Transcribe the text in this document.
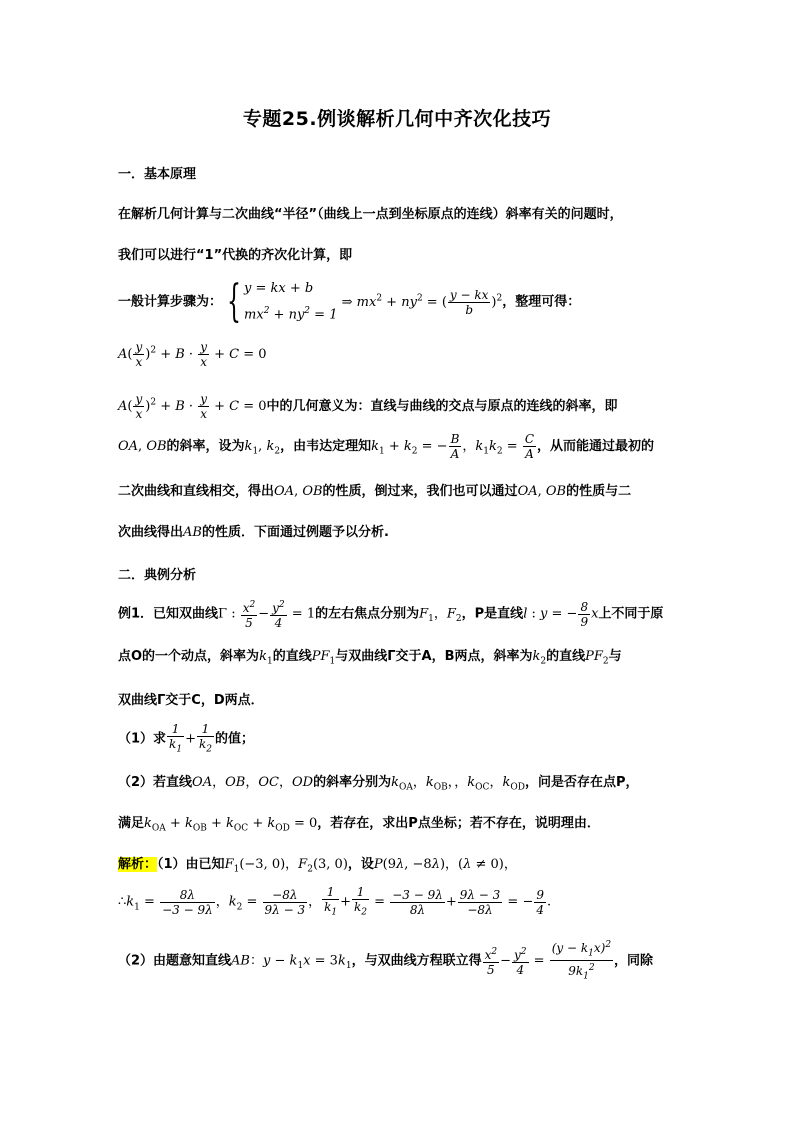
专题25.例谈解析几何中齐次化技巧
一．基本原理
在解析几何计算与二次曲线“半径”（曲线上一点到坐标原点的连线）斜率有关的问题时，
我们可以进行“1”代换的齐次化计算，即
一般计算步骤为： { y = kx + b
$mx^2 + ny^2 = 1$ ⇒ $mx^2 + ny^2$ = ( $\frac{y - kx}{b} )^2$，整理可得：
$A( \frac{y}{x} )^2 + B \cdot \frac{y}{x} + C = 0$
$A( \frac{y}{x} )^2 + B \cdot \frac{y}{x} + C = 0$中的几何意义为：直线与曲线的交点与原点的连线的斜率，即
OA, OB的斜率，设为$k_1$, $k_2$，由韦达定理知$k_1 + k_2$ = − $\frac{B}{A}$ ，$k_1k_2 = \frac{C}{A}$ ，从而能通过最初的
二次曲线和直线相交，得出OA, OB的性质，倒过来，我们也可以通过OA, OB的性质与二
次曲线得出AB的性质．下面通过例题予以分析.
二．典例分析
例1．已知双曲线Γ : $\frac{x^2}{5} - \frac{y^2}{4} = 1$的左右焦点分别为$F_1$，$F_2$，P是直线l : y = − $\frac{8}{9}$ x上不同于原
点O的一个动点，斜率为$k_1$的直线$PF_1$与双曲线Γ交于A，B两点，斜率为$k_2$的直线$PF_2$与
双曲线Γ交于C，D两点．
（1）求 $\frac{1}{k_1} + \frac{1}{k_2}$ 的值；
（2）若直线OA，OB，OC，OD的斜率分别为$k_{OA}$，$k_{OB}$，，$k_{OC}$，$k_{OD}$，问是否存在点P，
满足$k_{OA} + k_{OB} + k_{OC} + k_{OD} = 0$，若存在，求出P点坐标；若不存在，说明理由．
解析：（1）由已知$F_1(-3$, 0)，$F_2(3$, 0)，设P(9λ, −8λ)，(λ ≠ 0)，
$\therefore k_1 = \frac{8\lambda}{-3 - 9\lambda}$ ，$k_2 = \frac{-8\lambda}{9\lambda - 3}$ ， $\frac{1}{k_1} + \frac{1}{k_2} = \frac{-3 - 9\lambda}{8\lambda} + \frac{9\lambda - 3}{-8\lambda}$ = − $\frac{9}{4}$ .
（2）由题意知直线AB：$y - k_1x = 3k_1$，与双曲线方程联立得 $\frac{x^2}{5} - \frac{y^2}{4} = \frac{(y - k_1x)^2}{9k_1^2}$ ，同除
